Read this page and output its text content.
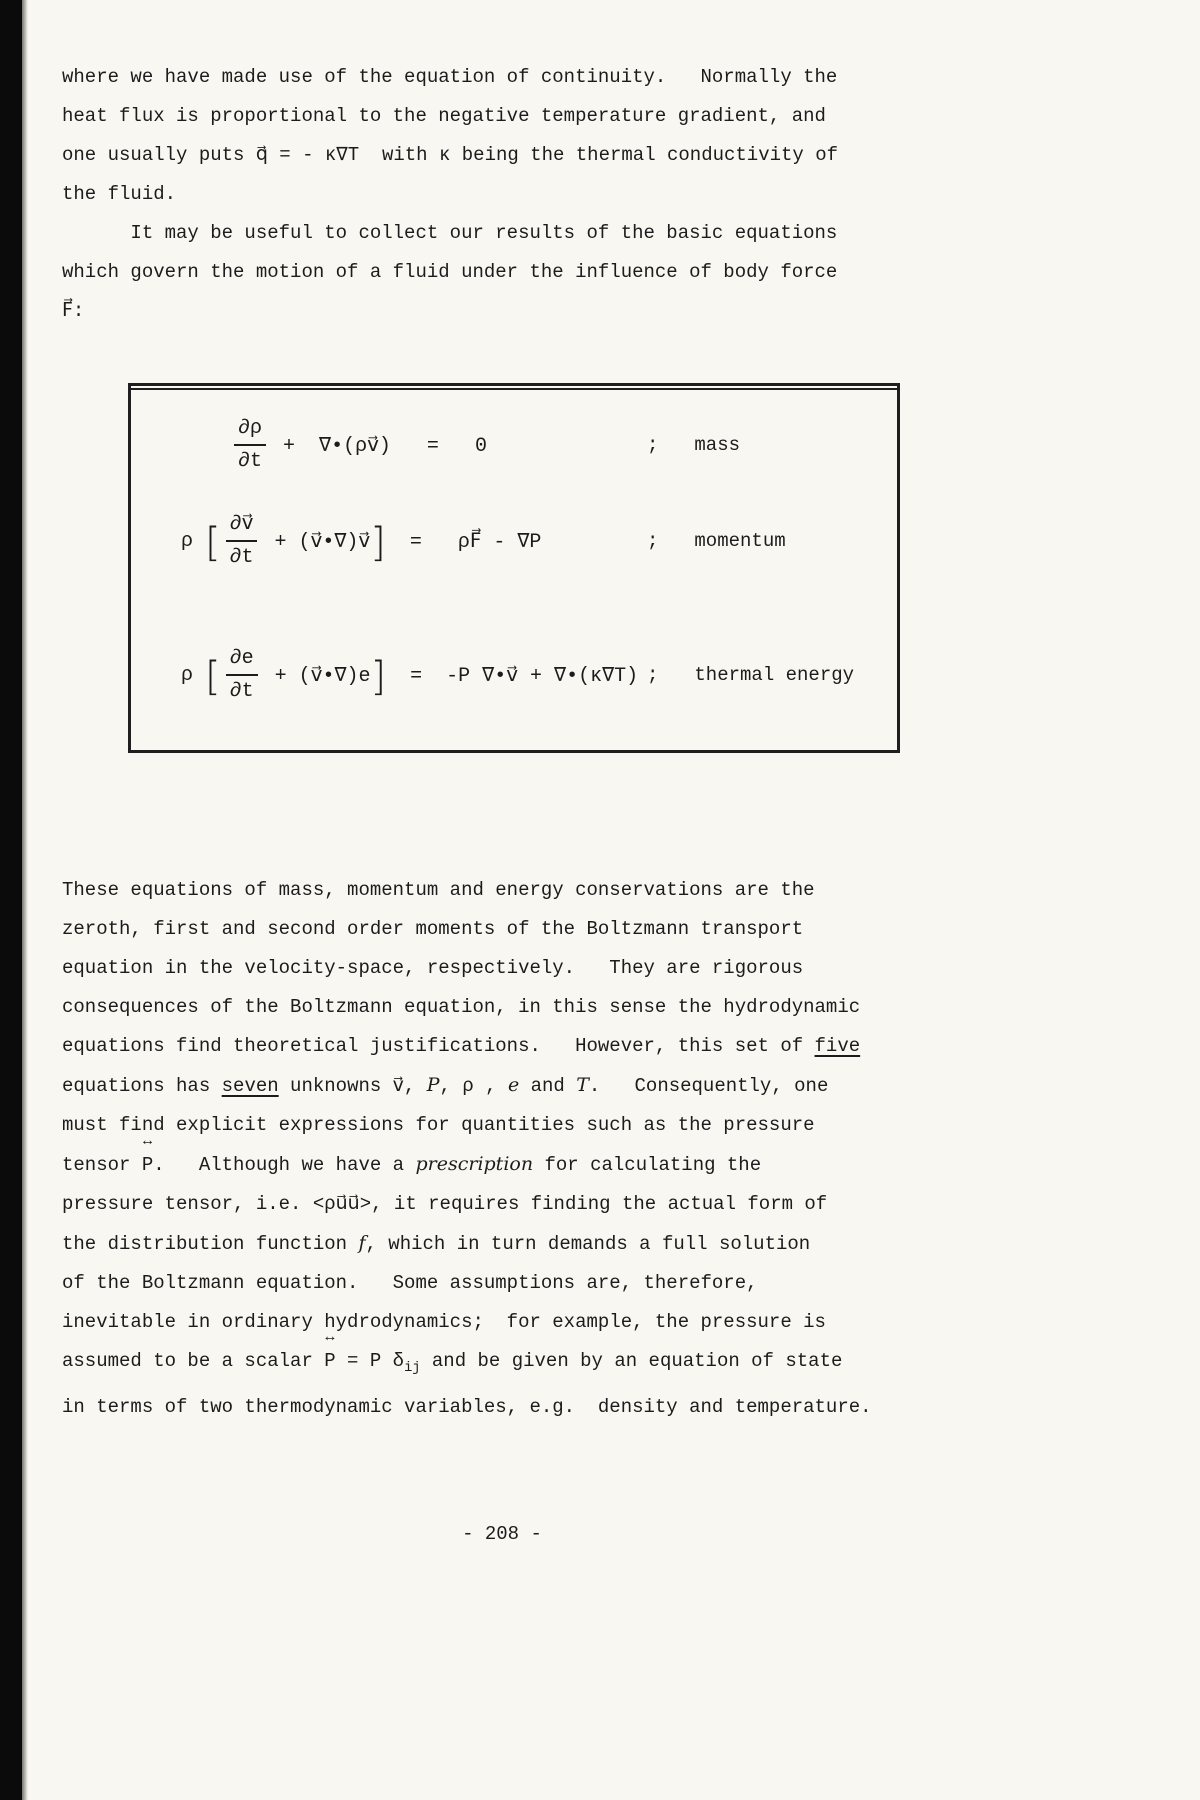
where we have made use of the equation of continuity.   Normally the
heat flux is proportional to the negative temperature gradient, and
one usually puts q⃗ = - κ∇T  with κ being the thermal conductivity of
the fluid.
It may be useful to collect our results of the basic equations
which govern the motion of a fluid under the influence of body force
F⃗:

$\frac{\partial\rho}{\partial t}$ +  ∇•(ρv⃗)   =   0	; mass
ρ [ $\frac{\partial v⃗}{\partial t}$ + (v⃗•∇)v⃗ ] =   ρF⃗ - ∇P	; momentum
ρ [ $\frac{\partial e}{\partial t}$ + (v⃗•∇)e ] =  -P ∇•v⃗ + ∇•(κ∇T) ; thermal energy
These equations of mass, momentum and energy conservations are the
zeroth, first and second order moments of the Boltzmann transport
equation in the velocity-space, respectively.   They are rigorous
consequences of the Boltzmann equation, in this sense the hydrodynamic
equations find theoretical justifications.   However, this set of five
equations has seven unknowns v⃗, P, ρ , e and T.   Consequently, one
must find explicit expressions for quantities such as the pressure
tensor
↔
P.   Although we have a prescription for calculating the
pressure tensor, i.e. <ρu⃗u⃗>, it requires finding the actual form of
the distribution function f, which in turn demands a full solution
of the Boltzmann equation.   Some assumptions are, therefore,
inevitable in ordinary hydrodynamics;  for example, the pressure is
assumed to be a scalar
↔
P = P $\delta_{ij}$ and be given by an equation of state
in terms of two thermodynamic variables, e.g.  density and temperature.
- 208 -
